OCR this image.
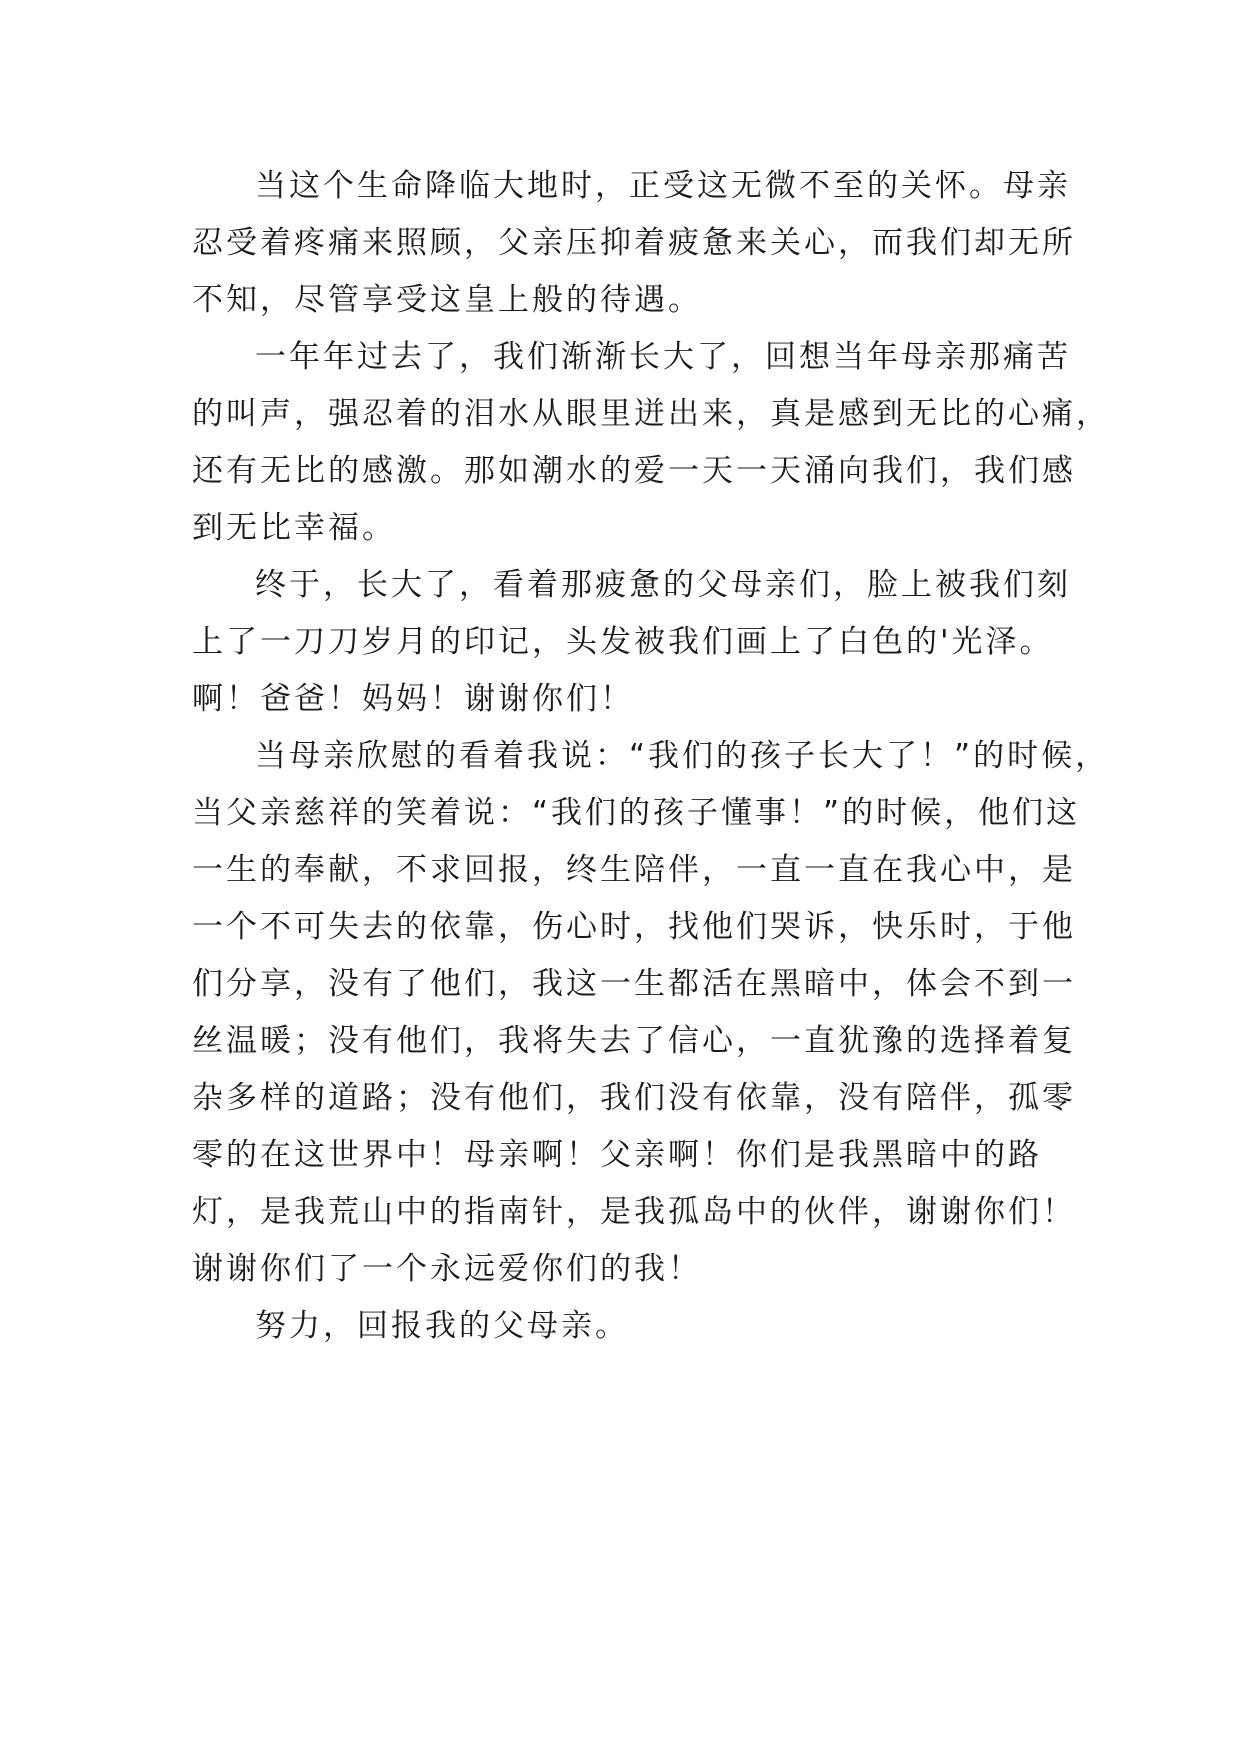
当这个生命降临大地时，正受这无微不至的关怀。母亲
忍受着疼痛来照顾，父亲压抑着疲惫来关心，而我们却无所
不知，尽管享受这皇上般的待遇。
一年年过去了，我们渐渐长大了，回想当年母亲那痛苦
的叫声，强忍着的泪水从眼里迸出来，真是感到无比的心痛，
还有无比的感激。那如潮水的爱一天一天涌向我们，我们感
到无比幸福。
终于，长大了，看着那疲惫的父母亲们，脸上被我们刻
上了一刀刀岁月的印记，头发被我们画上了白色的'光泽。
啊！爸爸！妈妈！谢谢你们！
当母亲欣慰的看着我说：“我们的孩子长大了！”的时候，
当父亲慈祥的笑着说：“我们的孩子懂事！”的时候，他们这
一生的奉献，不求回报，终生陪伴，一直一直在我心中，是
一个不可失去的依靠，伤心时，找他们哭诉，快乐时，于他
们分享，没有了他们，我这一生都活在黑暗中，体会不到一
丝温暖；没有他们，我将失去了信心，一直犹豫的选择着复
杂多样的道路；没有他们，我们没有依靠，没有陪伴，孤零
零的在这世界中！母亲啊！父亲啊！你们是我黑暗中的路
灯，是我荒山中的指南针，是我孤岛中的伙伴，谢谢你们！
谢谢你们了一个永远爱你们的我！
努力，回报我的父母亲。
